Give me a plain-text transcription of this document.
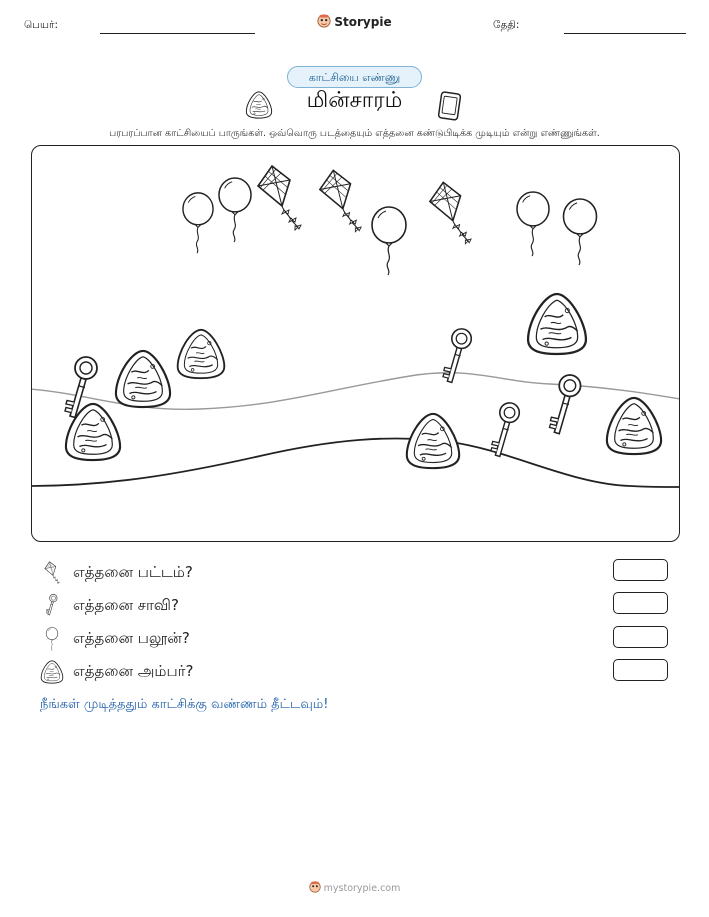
பெயர்:	Storypie	தேதி:
காட்சியை எண்ணு
மின்சாரம்
பரபரப்பான காட்சியைப் பாருங்கள். ஒவ்வொரு படத்தையும் எத்தனை கண்டுபிடிக்க முடியும் என்று எண்ணுங்கள்.
எத்தனை பட்டம்?
எத்தனை சாவி?
எத்தனை பலூன்?
எத்தனை அம்பர்?
நீங்கள் முடித்ததும் காட்சிக்கு வண்ணம் தீட்டவும்!
mystorypie.com
